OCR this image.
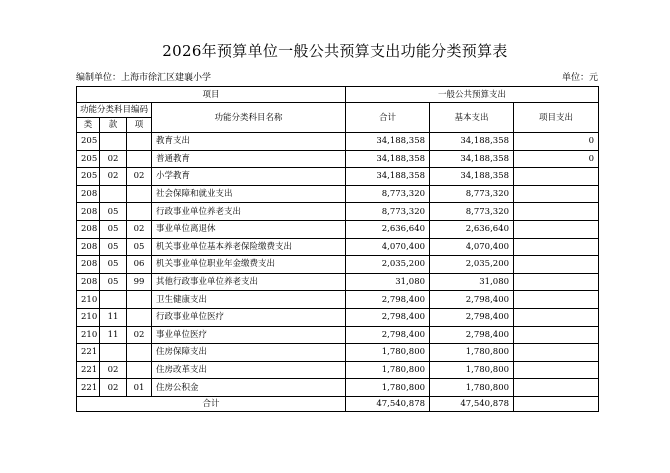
2026年预算单位一般公共预算支出功能分类预算表
编制单位：上海市徐汇区建襄小学	单位：元
项目				一般公共预算支出		
功能分类科目编码			功能分类科目名称	合计	基本支出	项目支出
类	款	项				
205			教育支出	34,188,358	34,188,358	0
205	02		普通教育	34,188,358	34,188,358	0
205	02	02	小学教育	34,188,358	34,188,358	
208			社会保障和就业支出	8,773,320	8,773,320	
208	05		行政事业单位养老支出	8,773,320	8,773,320	
208	05	02	事业单位离退休	2,636,640	2,636,640	
208	05	05	机关事业单位基本养老保险缴费支出	4,070,400	4,070,400	
208	05	06	机关事业单位职业年金缴费支出	2,035,200	2,035,200	
208	05	99	其他行政事业单位养老支出	31,080	31,080	
210			卫生健康支出	2,798,400	2,798,400	
210	11		行政事业单位医疗	2,798,400	2,798,400	
210	11	02	事业单位医疗	2,798,400	2,798,400	
221			住房保障支出	1,780,800	1,780,800	
221	02		住房改革支出	1,780,800	1,780,800	
221	02	01	住房公积金	1,780,800	1,780,800	
合计				47,540,878	47,540,878	
